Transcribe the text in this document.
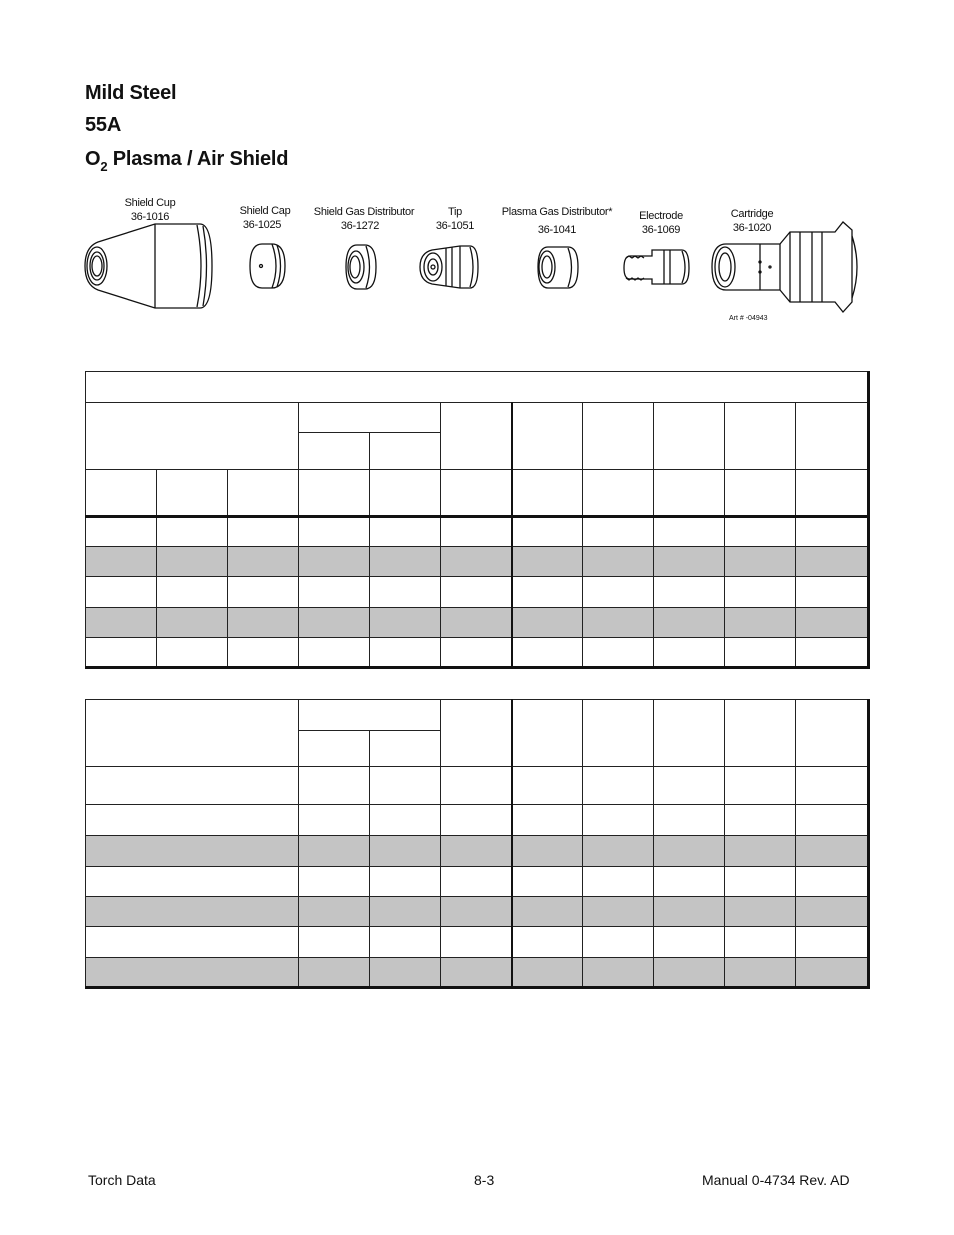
Mild Steel
55A
$O_2$ Plasma / Air Shield
Shield Cup
36-1016	Shield Cap
36-1025
Shield Gas Distributor
36-1272
Tip
36-1051
Plasma Gas Distributor*
36-1041
Electrode
36-1069
Cartridge
36-1020
Art # -04943

Torch Data	8-3	Manual 0-4734 Rev. AD
